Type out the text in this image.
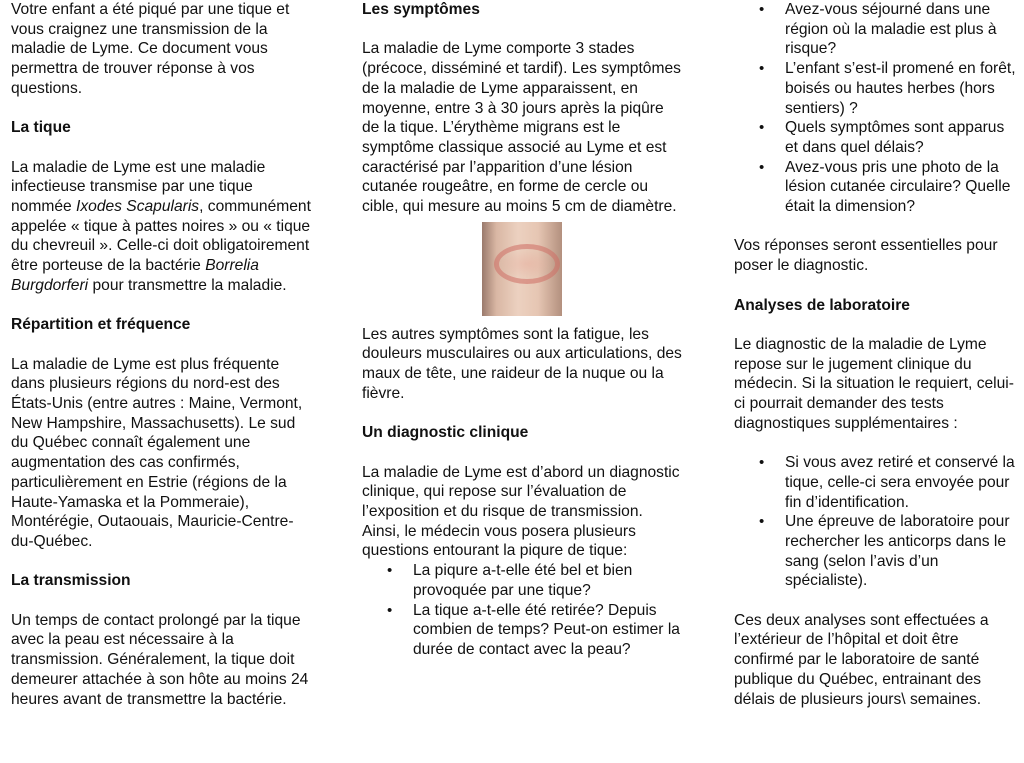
Votre enfant a été piqué par une tique et vous craignez une transmission de la maladie de Lyme. Ce document vous permettra de trouver réponse à vos questions.

La tique

La maladie de Lyme est une maladie infectieuse transmise par une tique nommée Ixodes Scapularis, communément appelée « tique à pattes noires » ou « tique du chevreuil ». Celle-ci doit obligatoirement être porteuse de la bactérie Borrelia Burgdorferi pour transmettre la maladie.

Répartition et fréquence

La maladie de Lyme est plus fréquente dans plusieurs régions du nord-est des États-Unis (entre autres : Maine, Vermont, New Hampshire, Massachusetts). Le sud du Québec connaît également une augmentation des cas confirmés, particulièrement en Estrie (régions de la Haute-Yamaska et la Pommeraie), Montérégie, Outaouais, Mauricie-Centre-du-Québec.

La transmission

Un temps de contact prolongé par la tique avec la peau est nécessaire à la transmission. Généralement, la tique doit demeurer attachée à son hôte au moins 24 heures avant de transmettre la bactérie.

Les symptômes

La maladie de Lyme comporte 3 stades (précoce, disséminé et tardif). Les symptômes de la maladie de Lyme apparaissent, en moyenne, entre 3 à 30 jours après la piqûre de la tique. L’érythème migrans est le symptôme classique associé au Lyme et est caractérisé par l’apparition d’une lésion cutanée rougeâtre, en forme de cercle ou cible, qui mesure au moins 5 cm de diamètre.

Les autres symptômes sont la fatigue, les douleurs musculaires ou aux articulations, des maux de tête, une raideur de la nuque ou la fièvre.

Un diagnostic clinique

La maladie de Lyme est d’abord un diagnostic clinique, qui repose sur l’évaluation de l’exposition et du risque de transmission. Ainsi, le médecin vous posera plusieurs questions entourant la piqure de tique:

• La piqure a-t-elle été bel et bien provoquée par une tique?
• La tique a-t-elle été retirée? Depuis combien de temps? Peut-on estimer la durée de contact avec la peau?
• Avez-vous séjourné dans une région où la maladie est plus à risque?
• L’enfant s’est-il promené en forêt, boisés ou hautes herbes (hors sentiers) ?
• Quels symptômes sont apparus et dans quel délais?
• Avez-vous pris une photo de la lésion cutanée circulaire? Quelle était la dimension?

Vos réponses seront essentielles pour poser le diagnostic.

Analyses de laboratoire

Le diagnostic de la maladie de Lyme repose sur le jugement clinique du médecin. Si la situation le requiert, celui-ci pourrait demander des tests diagnostiques supplémentaires :

• Si vous avez retiré et conservé la tique, celle-ci sera envoyée pour fin d’identification.
• Une épreuve de laboratoire pour rechercher les anticorps dans le sang (selon l’avis d’un spécialiste).

Ces deux analyses sont effectuées a l’extérieur de l’hôpital et doit être confirmé par le laboratoire de santé publique du Québec, entrainant des délais de plusieurs jours\ semaines.
